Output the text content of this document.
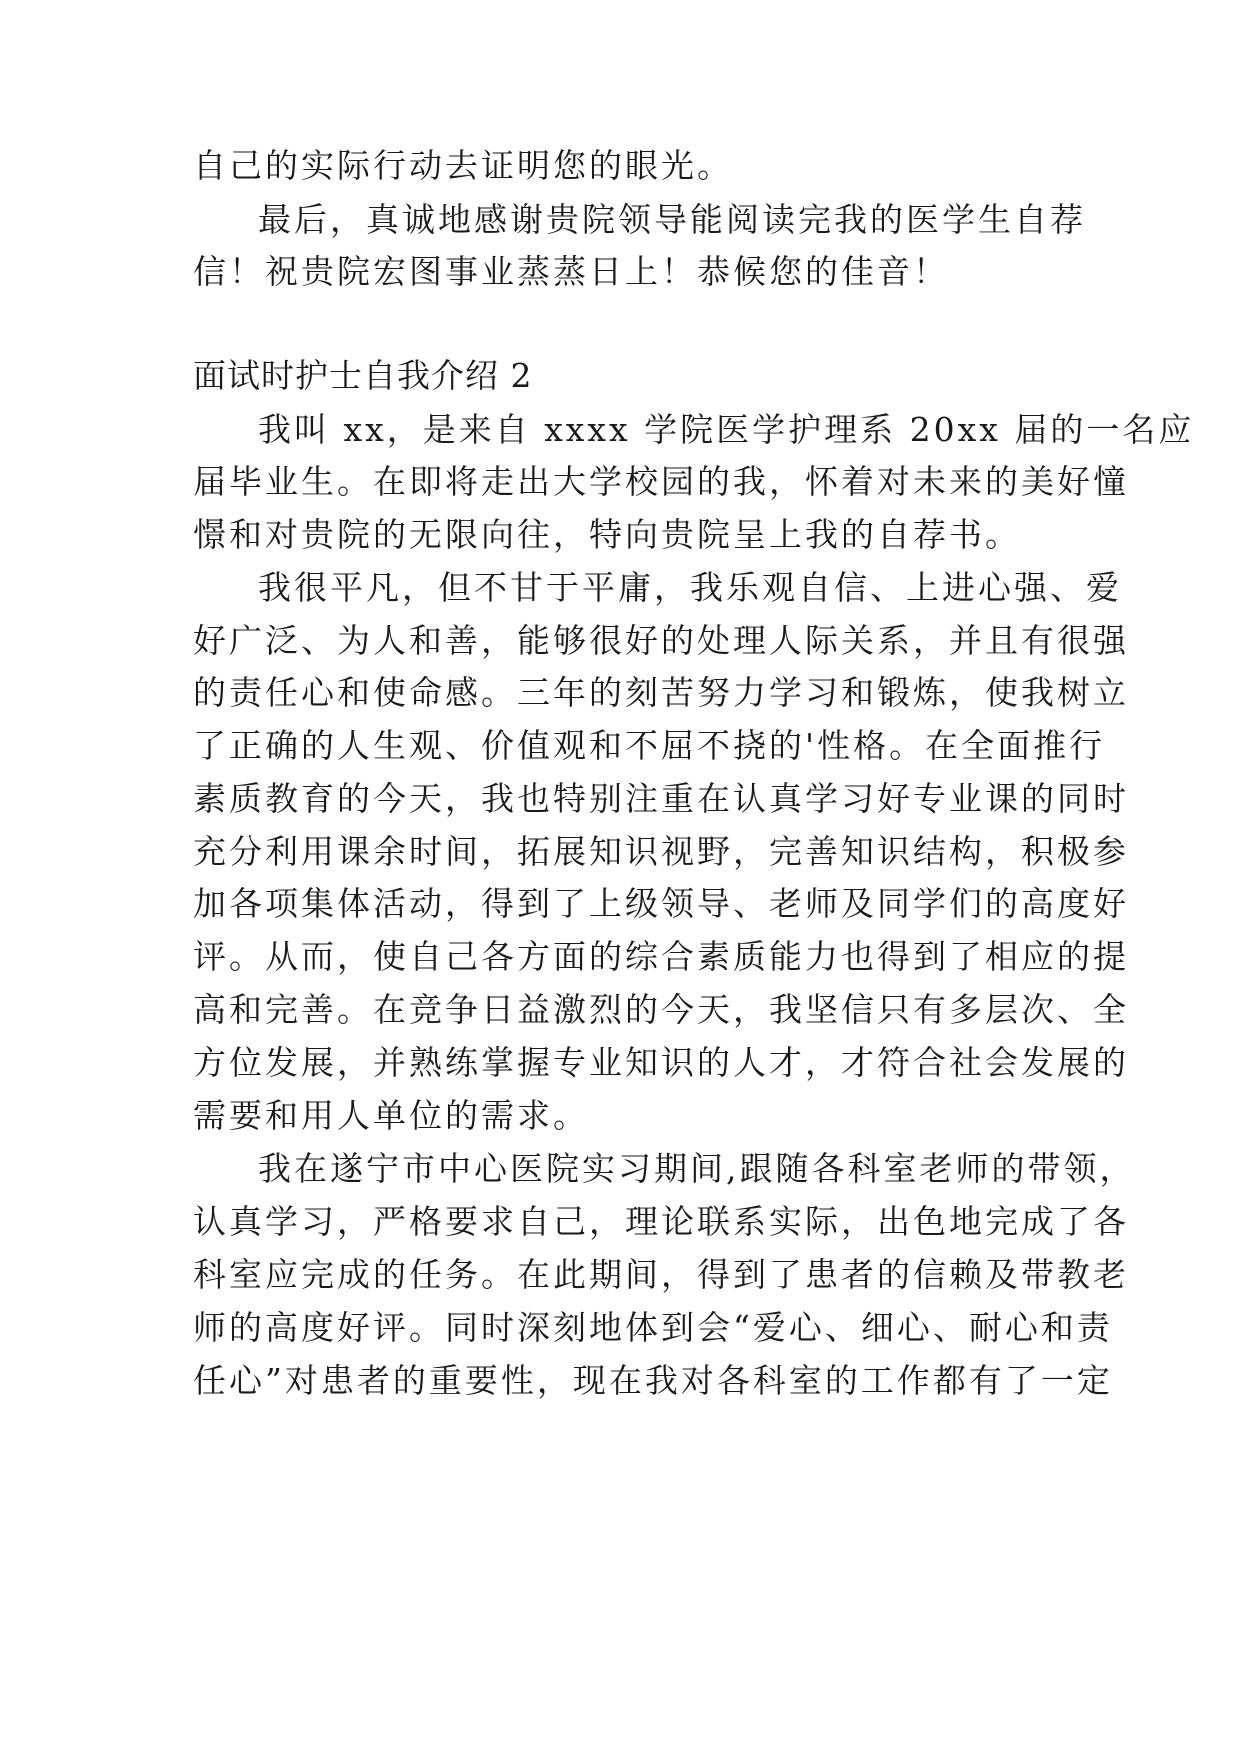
自己的实际行动去证明您的眼光。
最后，真诚地感谢贵院领导能阅读完我的医学生自荐
信！祝贵院宏图事业蒸蒸日上！恭候您的佳音！
面试时护士自我介绍 2
我叫 xx，是来自 xxxx 学院医学护理系 20xx 届的一名应
届毕业生。在即将走出大学校园的我，怀着对未来的美好憧
憬和对贵院的无限向往，特向贵院呈上我的自荐书。
我很平凡，但不甘于平庸，我乐观自信、上进心强、爱
好广泛、为人和善，能够很好的处理人际关系，并且有很强
的责任心和使命感。三年的刻苦努力学习和锻炼，使我树立
了正确的人生观、价值观和不屈不挠的'性格。在全面推行
素质教育的今天，我也特别注重在认真学习好专业课的同时
充分利用课余时间，拓展知识视野，完善知识结构，积极参
加各项集体活动，得到了上级领导、老师及同学们的高度好
评。从而，使自己各方面的综合素质能力也得到了相应的提
高和完善。在竞争日益激烈的今天，我坚信只有多层次、全
方位发展，并熟练掌握专业知识的人才，才符合社会发展的
需要和用人单位的需求。
我在遂宁市中心医院实习期间,跟随各科室老师的带领，
认真学习，严格要求自己，理论联系实际，出色地完成了各
科室应完成的任务。在此期间，得到了患者的信赖及带教老
师的高度好评。同时深刻地体到会“爱心、细心、耐心和责
任心”对患者的重要性，现在我对各科室的工作都有了一定
